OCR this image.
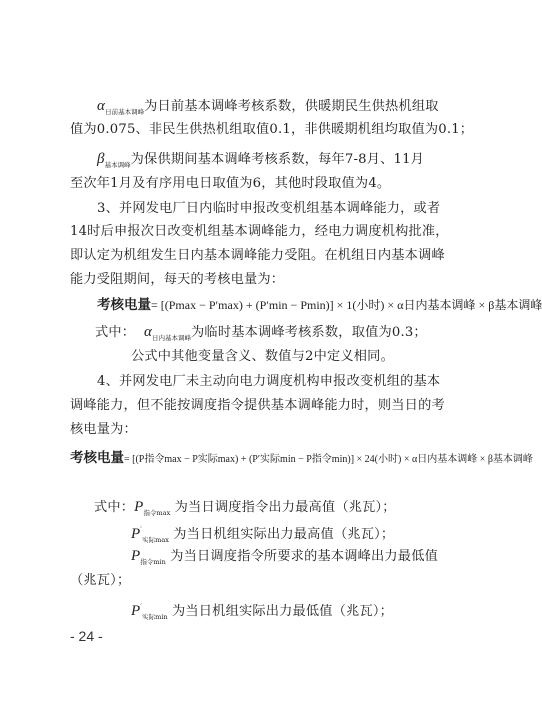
$\alpha_{日前基本调峰}$为日前基本调峰考核系数，供暖期民生供热机组取
值为0.075、非民生供热机组取值0.1，非供暖期机组均取值为0.1；
$\beta_{基本调峰}$为保供期间基本调峰考核系数，每年7-8月、11月
至次年1月及有序用电日取值为6，其他时段取值为4。
3、并网发电厂日内临时申报改变机组基本调峰能力，或者
14时后申报次日改变机组基本调峰能力，经电力调度机构批准，
即认定为机组发生日内基本调峰能力受阻。在机组日内基本调峰
能力受阻期间，每天的考核电量为：
考核电量= [(Pmax − P′max) + (P′min − Pmin)] × 1(小时) × α日内基本调峰 × β基本调峰
式中： $\alpha_{日内基本调峰}$为临时基本调峰考核系数，取值为0.3；
公式中其他变量含义、数值与2中定义相同。
4、并网发电厂未主动向电力调度机构申报改变机组的基本
调峰能力，但不能按调度指令提供基本调峰能力时，则当日的考
核电量为：
考核电量= [(P指令max − P实际max) + (P′实际min − P指令min)] × 24(小时) × α日内基本调峰 × β基本调峰
式中：$P_{指令max}$ 为当日调度指令出力最高值（兆瓦）；
$P'_{实际max}$ 为当日机组实际出力最高值（兆瓦）；
$P_{指令min}$ 为当日调度指令所要求的基本调峰出力最低值
（兆瓦）；
$P'_{实际min}$ 为当日机组实际出力最低值（兆瓦）；
- 24 -
